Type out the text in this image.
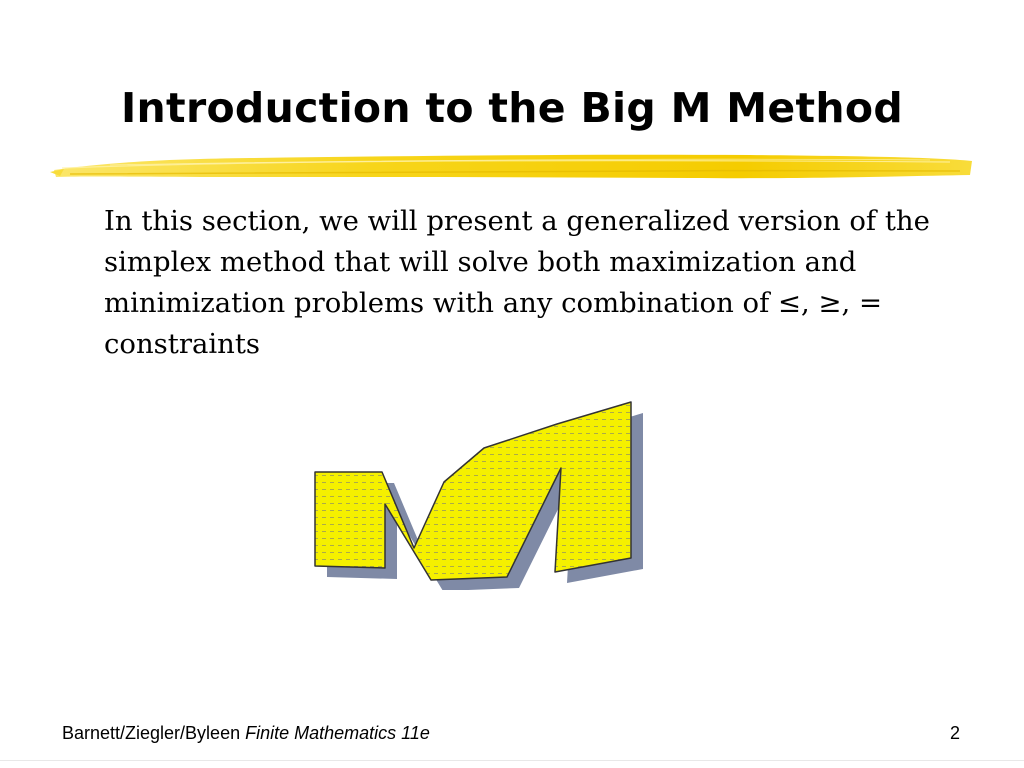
Introduction to the Big M Method

In this section, we will present a generalized version of the simplex method that will solve both maximization and minimization problems with any combination of ≤, ≥, = constraints

Barnett/Ziegler/Byleen Finite Mathematics 11e	2
